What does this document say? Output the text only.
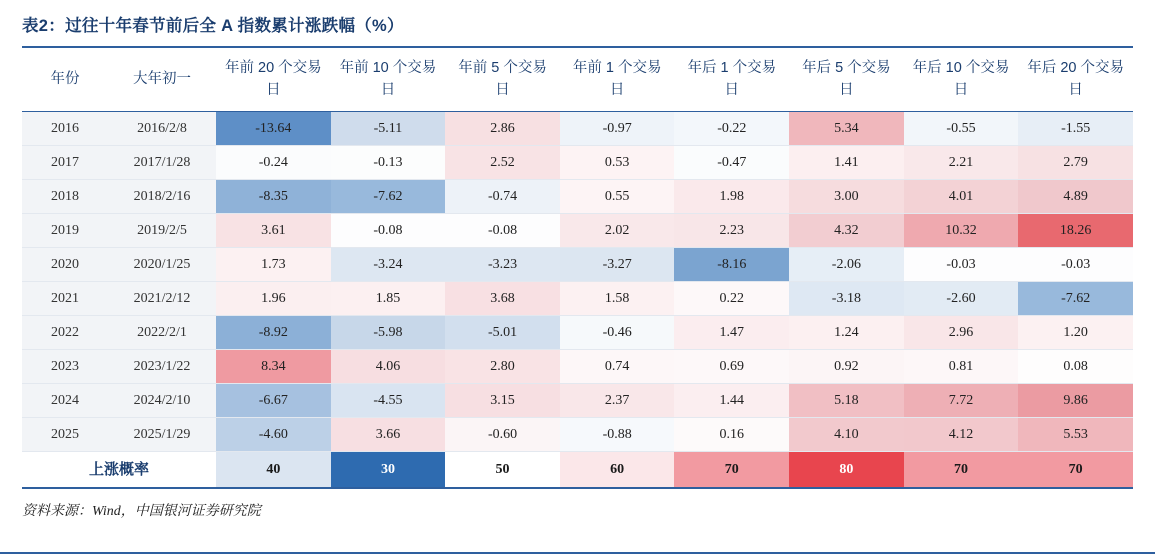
表2：过往十年春节前后全 A 指数累计涨跌幅（%）
年份	大年初一	年前 20 个交易日	年前 10 个交易日	年前 5 个交易日	年前 1 个交易日	年后 1 个交易日	年后 5 个交易日	年后 10 个交易日	年后 20 个交易日

2016	2016/2/8	-13.64	-5.11	2.86	-0.97	-0.22	5.34	-0.55	-1.55

2017	2017/1/28	-0.24	-0.13	2.52	0.53	-0.47	1.41	2.21	2.79

2018	2018/2/16	-8.35	-7.62	-0.74	0.55	1.98	3.00	4.01	4.89

2019	2019/2/5	3.61	-0.08	-0.08	2.02	2.23	4.32	10.32	18.26

2020	2020/1/25	1.73	-3.24	-3.23	-3.27	-8.16	-2.06	-0.03	-0.03

2021	2021/2/12	1.96	1.85	3.68	1.58	0.22	-3.18	-2.60	-7.62

2022	2022/2/1	-8.92	-5.98	-5.01	-0.46	1.47	1.24	2.96	1.20

2023	2023/1/22	8.34	4.06	2.80	0.74	0.69	0.92	0.81	0.08

2024	2024/2/10	-6.67	-4.55	3.15	2.37	1.44	5.18	7.72	9.86

2025	2025/1/29	-4.60	3.66	-0.60	-0.88	0.16	4.10	4.12	5.53

上涨概率		40	30	50	60	70	80	70	70
资料来源：Wind，中国银河证券研究院
